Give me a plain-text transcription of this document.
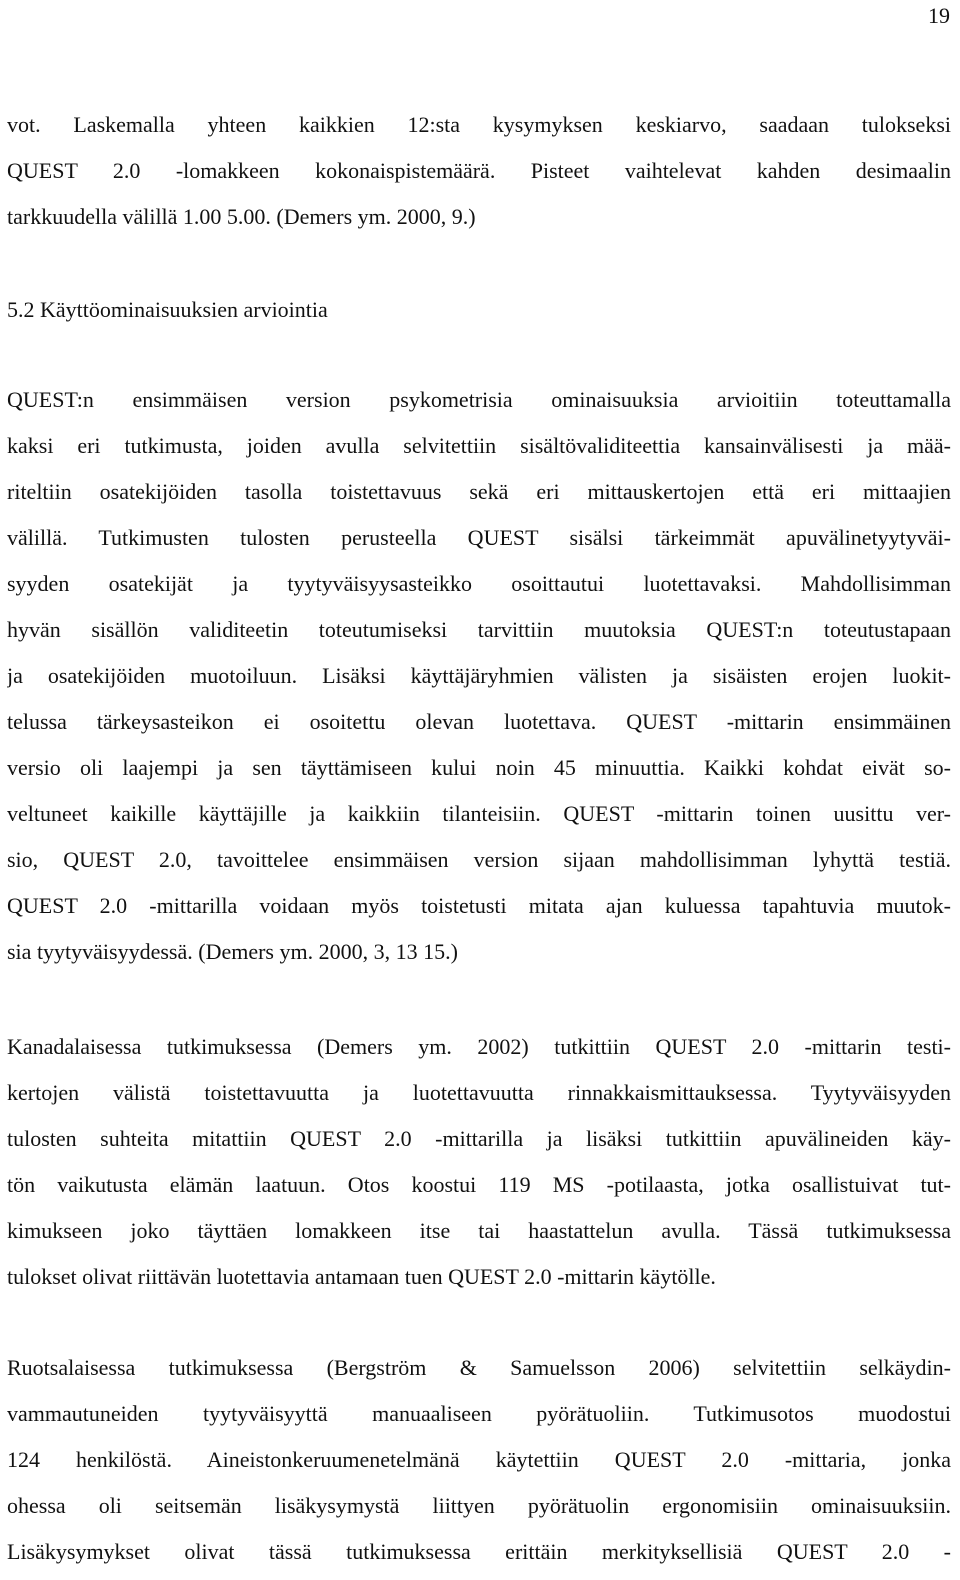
19
vot. Laskemalla yhteen kaikkien 12:sta kysymyksen keskiarvo, saadaan tulokseksi
QUEST 2.0 -lomakkeen kokonaispistemäärä. Pisteet vaihtelevat kahden desimaalin
tarkkuudella välillä 1.00 5.00. (Demers ym. 2000, 9.)
5.2 Käyttöominaisuuksien arviointia
QUEST:n ensimmäisen version psykometrisia ominaisuuksia arvioitiin toteuttamalla
kaksi eri tutkimusta, joiden avulla selvitettiin sisältövaliditeettia kansainvälisesti ja mää-
riteltiin osatekijöiden tasolla toistettavuus sekä eri mittauskertojen että eri mittaajien
välillä. Tutkimusten tulosten perusteella QUEST sisälsi tärkeimmät apuvälinetyytyväi-
syyden osatekijät ja tyytyväisyysasteikko osoittautui luotettavaksi. Mahdollisimman
hyvän sisällön validiteetin toteutumiseksi tarvittiin muutoksia QUEST:n toteutustapaan
ja osatekijöiden muotoiluun. Lisäksi käyttäjäryhmien välisten ja sisäisten erojen luokit-
telussa tärkeysasteikon ei osoitettu olevan luotettava. QUEST -mittarin ensimmäinen
versio oli laajempi ja sen täyttämiseen kului noin 45 minuuttia. Kaikki kohdat eivät so-
veltuneet kaikille käyttäjille ja kaikkiin tilanteisiin. QUEST -mittarin toinen uusittu ver-
sio, QUEST 2.0, tavoittelee ensimmäisen version sijaan mahdollisimman lyhyttä testiä.
QUEST 2.0 -mittarilla voidaan myös toistetusti mitata ajan kuluessa tapahtuvia muutok-
sia tyytyväisyydessä. (Demers ym. 2000, 3, 13 15.)
Kanadalaisessa tutkimuksessa (Demers ym. 2002) tutkittiin QUEST 2.0 -mittarin testi-
kertojen välistä toistettavuutta ja luotettavuutta rinnakkaismittauksessa. Tyytyväisyyden
tulosten suhteita mitattiin QUEST 2.0 -mittarilla ja lisäksi tutkittiin apuvälineiden käy-
tön vaikutusta elämän laatuun. Otos koostui 119 MS -potilaasta, jotka osallistuivat tut-
kimukseen joko täyttäen lomakkeen itse tai haastattelun avulla. Tässä tutkimuksessa
tulokset olivat riittävän luotettavia antamaan tuen QUEST 2.0 -mittarin käytölle.
Ruotsalaisessa tutkimuksessa (Bergström & Samuelsson 2006) selvitettiin selkäydin-
vammautuneiden tyytyväisyyttä manuaaliseen pyörätuoliin. Tutkimusotos muodostui
124 henkilöstä. Aineistonkeruumenetelmänä käytettiin QUEST 2.0 -mittaria, jonka
ohessa oli seitsemän lisäkysymystä liittyen pyörätuolin ergonomisiin ominaisuuksiin.
Lisäkysymykset olivat tässä tutkimuksessa erittäin merkityksellisiä QUEST 2.0 -
